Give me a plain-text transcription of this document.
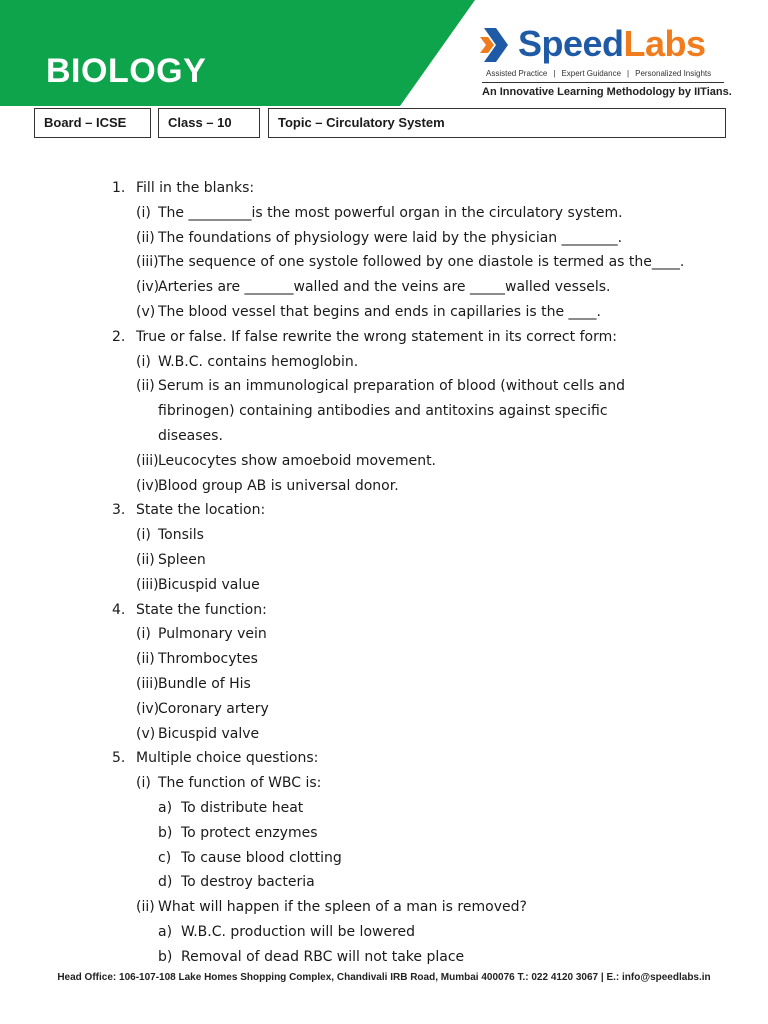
BIOLOGY
SpeedLabs
Assisted Practice | Expert Guidance | Personalized Insights
An Innovative Learning Methodology by IITians.
Board – ICSE	Class – 10	Topic – Circulatory System
1. Fill in the blanks:
(i) The _________is the most powerful organ in the circulatory system.
(ii) The foundations of physiology were laid by the physician ________.
(iii) The sequence of one systole followed by one diastole is termed as the____.
(iv)
Arteries are _______walled and the veins are _____walled vessels.
(v) The blood vessel that begins and ends in capillaries is the ____.
2. True or false. If false rewrite the wrong statement in its correct form:
(i) W.B.C. contains hemoglobin.
(ii) Serum is an immunological preparation of blood (without cells and fibrinogen) containing antibodies and antitoxins against specific diseases.
(iii) Leucocytes show amoeboid movement.
(iv)
Blood group AB is universal donor.
3. State the location:
(i) Tonsils
(ii) Spleen
(iii) Bicuspid value
4. State the function:
(i) Pulmonary vein
(ii) Thrombocytes
(iii) Bundle of His
(iv)
Coronary artery
(v) Bicuspid valve
5. Multiple choice questions:
(i) The function of WBC is:
a) To distribute heat
b) To protect enzymes
c) To cause blood clotting
d) To destroy bacteria
(ii) What will happen if the spleen of a man is removed?
a) W.B.C. production will be lowered
b) Removal of dead RBC will not take place
Head Office: 106-107-108 Lake Homes Shopping Complex, Chandivali IRB Road, Mumbai 400076 T.: 022 4120 3067 | E.: info@speedlabs.in
